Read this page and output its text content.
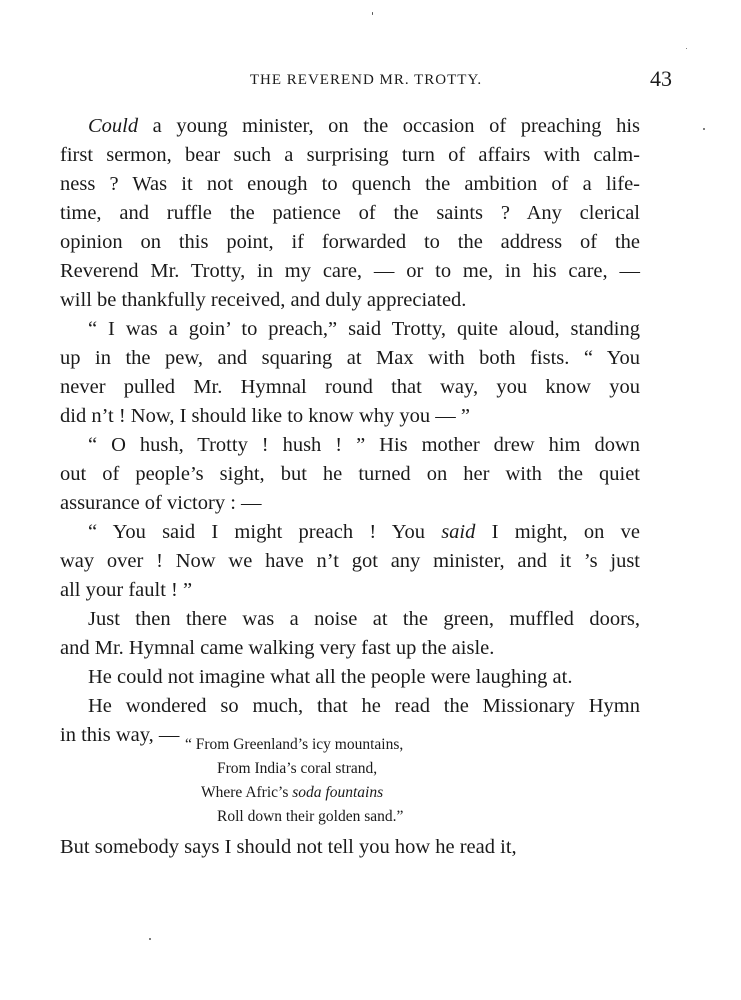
THE REVEREND MR. TROTTY.	43
Could a young minister, on the occasion of preaching his
first sermon, bear such a surprising turn of affairs with calm-
ness ? Was it not enough to quench the ambition of a life-
time, and ruffle the patience of the saints ? Any clerical
opinion on this point, if forwarded to the address of the
Reverend Mr. Trotty, in my care, — or to me, in his care, —
will be thankfully received, and duly appreciated.
“ I was a goin’ to preach,” said Trotty, quite aloud, standing
up in the pew, and squaring at Max with both fists. “ You
never pulled Mr. Hymnal round that way, you know you
did n’t ! Now, I should like to know why you — ”
“ O hush, Trotty ! hush ! ” His mother drew him down
out of people’s sight, but he turned on her with the quiet
assurance of victory : —
“ You said I might preach ! You said I might, on ve
way over ! Now we have n’t got any minister, and it ’s just
all your fault ! ”
Just then there was a noise at the green, muffled doors,
and Mr. Hymnal came walking very fast up the aisle.
He could not imagine what all the people were laughing at.
He wondered so much, that he read the Missionary Hymn
in this way, — “ From Greenland’s icy mountains,
From India’s coral strand,
Where Afric’s soda fountains
Roll down their golden sand.”
But somebody says I should not tell you how he read it,
